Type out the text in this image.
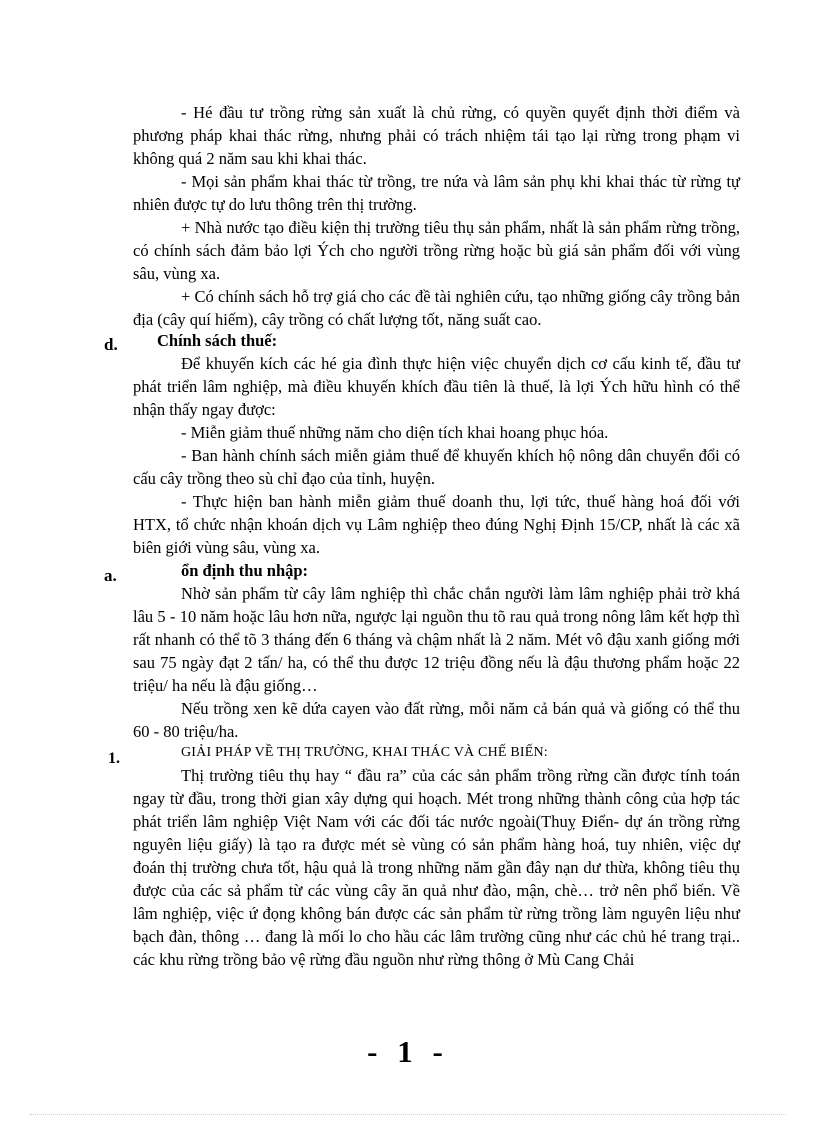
- Hé đầu tư trồng rừng sản xuất là chủ rừng, có quyền quyết định thời điểm và phương pháp khai thác rừng, nhưng phải có trách nhiệm tái tạo lại rừng trong phạm vi không quá 2 năm sau khi khai thác.

- Mọi sản phẩm khai thác từ trồng, tre nứa và lâm sản phụ khi khai thác từ rừng tự nhiên được tự do lưu thông trên thị trường.

+ Nhà nước tạo điều kiện thị trường tiêu thụ sản phẩm, nhất là sản phẩm rừng trồng, có chính sách đảm bảo lợi Ých cho người trồng rừng hoặc bù giá sản phẩm đối với vùng sâu, vùng xa.

+ Có chính sách hỗ trợ giá cho các đề tài nghiên cứu, tạo những giống cây trồng bản địa (cây quí hiếm), cây trồng có chất lượng tốt, năng suất cao.

d. Chính sách thuế:

Để khuyến kích các hé gia đình thực hiện việc chuyển dịch cơ cấu kinh tế, đầu tư phát triển lâm nghiệp, mà điều khuyến khích đầu tiên là thuế, là lợi Ých hữu hình có thể nhận thấy ngay được:

- Miễn giảm thuế những năm cho diện tích khai hoang phục hóa.

- Ban hành chính sách miễn giảm thuế để khuyến khích hộ nông dân chuyển đổi có cấu cây trồng theo sù chỉ đạo của tỉnh, huyện.

- Thực hiện ban hành miễn giảm thuế doanh thu, lợi tức, thuế hàng hoá đối với HTX, tổ chức nhận khoán dịch vụ Lâm nghiệp theo đúng Nghị Định 15/CP, nhất là các xã biên giới vùng sâu, vùng xa.

a.	ổn định thu nhập:

Nhờ sản phẩm từ cây lâm nghiệp thì chắc chắn người làm lâm nghiệp phải trờ khá lâu 5 - 10 năm hoặc lâu hơn nữa, ngược lại nguồn thu tõ rau quả trong nông lâm kết hợp thì rất nhanh có thể tõ 3 tháng đến 6 tháng và chậm nhất là 2 năm. Mét vô đậu xanh giống mới sau 75 ngày đạt 2 tấn/ ha, có thể thu được 12 triệu đồng nếu là đậu thương phẩm hoặc 22 triệu/ ha nếu là đậu giống…

Nếu trồng xen kẽ dứa cayen vào đất rừng, mỗi năm cả bán quả và giống có thể thu 60 - 80 triệu/ha.

1.	GIẢI PHÁP VỀ THỊ TRƯỜNG, KHAI THÁC VÀ CHẾ BIẾN:

Thị trường tiêu thụ hay “ đầu ra” của các sản phẩm trồng rừng cần được tính toán ngay từ đầu, trong thời gian xây dựng qui hoạch. Mét trong những thành công của hợp tác phát triển lâm nghiệp Việt Nam với các đối tác nước ngoài(Thuỵ Điển- dự án trồng rừng nguyên liệu giấy) là tạo ra được mét sè vùng có sản phẩm hàng hoá, tuy nhiên, việc dự đoán thị trường chưa tốt, hậu quả là trong những năm gần đây nạn dư thừa, không tiêu thụ được của các sả phẩm từ các vùng cây ăn quả như đào, mận, chè… trở nên phổ biến. Về lâm nghiệp, việc ứ đọng không bán được các sản phẩm từ rừng trồng làm nguyên liệu như bạch đàn, thông … đang là mối lo cho hầu các lâm trường cũng như các chủ hé trang trại.. các khu rừng trồng bảo vệ rừng đầu nguồn như rừng thông ở Mù Cang Chải

- 1 -
